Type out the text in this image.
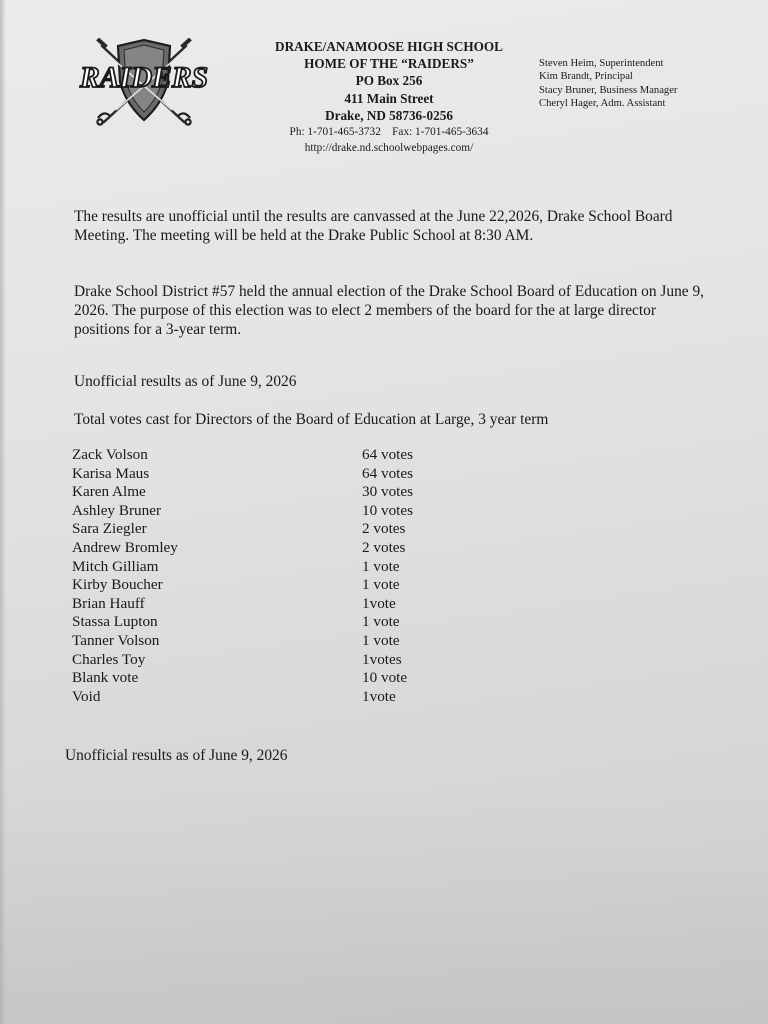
RAIDERS
DRAKE/ANAMOOSE HIGH SCHOOL
HOME OF THE “RAIDERS”
PO Box 256
411 Main Street
Drake, ND 58736-0256
Steven Heim, Superintendent
Kim Brandt, Principal
Stacy Bruner, Business Manager
Cheryl Hager, Adm. Assistant
Ph: 1-701-465-3732    Fax: 1-701-465-3634
http://drake.nd.schoolwebpages.com/
The results are unofficial until the results are canvassed at the June 22,2026, Drake School Board Meeting. The meeting will be held at the Drake Public School at 8:30 AM.
Drake School District #57 held the annual election of the Drake School Board of Education on June 9, 2026. The purpose of this election was to elect 2 members of the board for the at large director positions for a 3-year term.
Unofficial results as of June 9, 2026
Total votes cast for Directors of the Board of Education at Large, 3 year term
Zack Volson	64 votes
Karisa Maus	64 votes
Karen Alme	30 votes
Ashley Bruner	10 votes
Sara Ziegler	2 votes
Andrew Bromley	2 votes
Mitch Gilliam	1 vote
Kirby Boucher	1 vote
Brian Hauff	1vote
Stassa Lupton	1 vote
Tanner Volson	1 vote
Charles Toy	1votes
Blank vote	10 vote
Void	1vote
Unofficial results as of June 9, 2026
